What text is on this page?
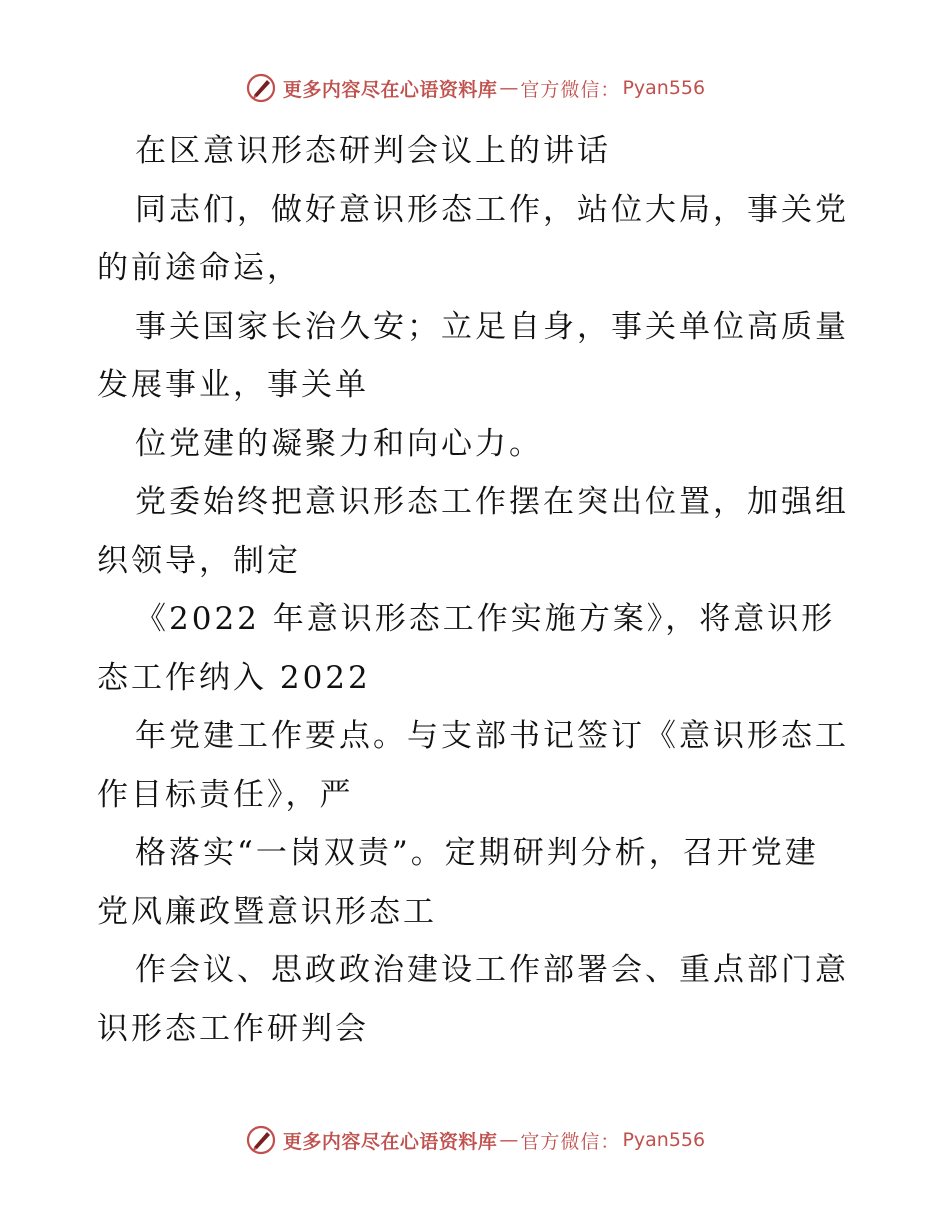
更多内容尽在心语资料库 — 官方微信： Pyan556
在区意识形态研判会议上的讲话
同志们，做好意识形态工作，站位大局，事关党
的前途命运，
事关国家长治久安；立足自身，事关单位高质量
发展事业，事关单
位党建的凝聚力和向心力。
党委始终把意识形态工作摆在突出位置，加强组
织领导，制定
《2022 年意识形态工作实施方案》，将意识形
态工作纳入 2022
年党建工作要点。与支部书记签订《意识形态工
作目标责任》，严
格落实“一岗双责”。定期研判分析，召开党建
党风廉政暨意识形态工
作会议、思政政治建设工作部署会、重点部门意
识形态工作研判会
更多内容尽在心语资料库 — 官方微信： Pyan556
